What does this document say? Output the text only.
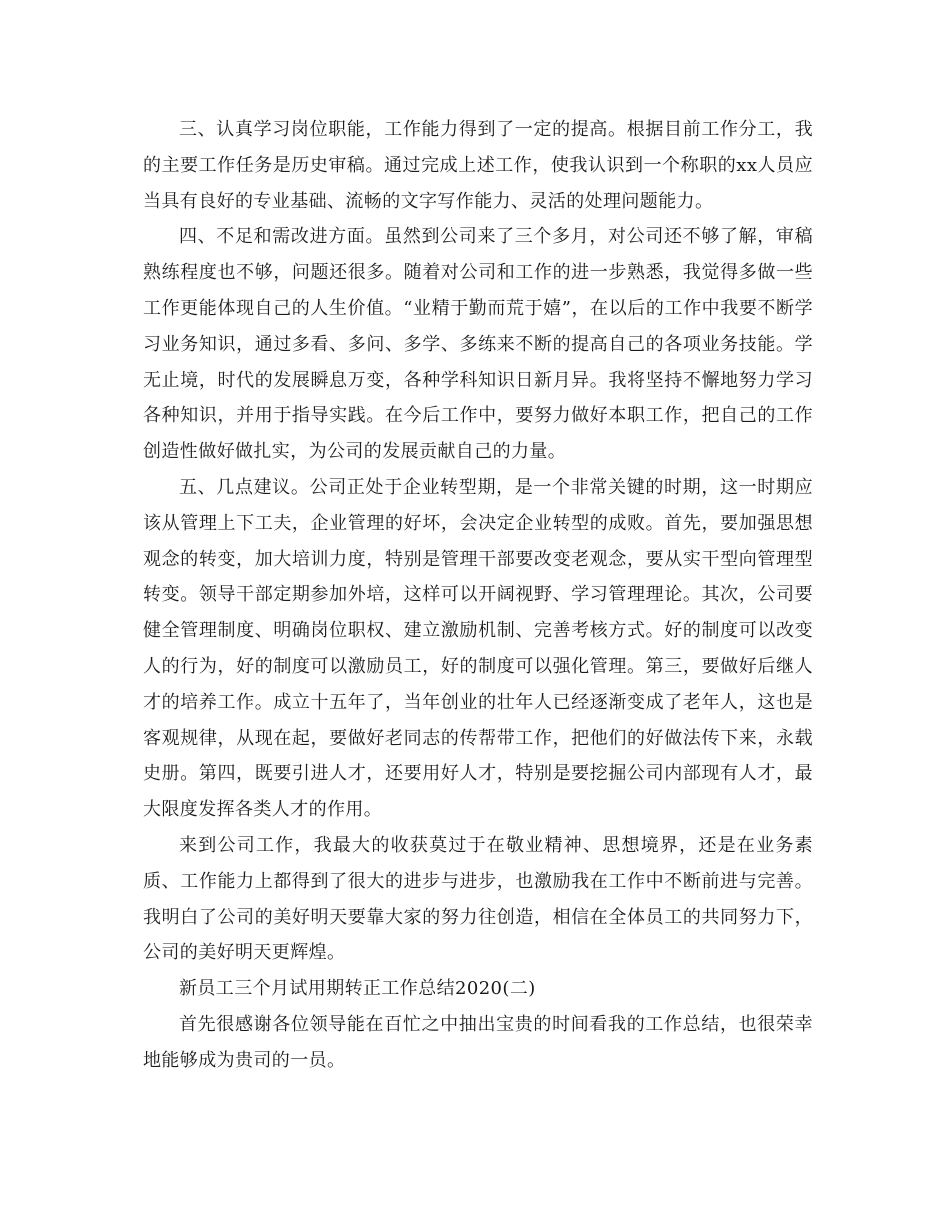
三、认真学习岗位职能，工作能力得到了一定的提高。根据目前工作分工，我的主要工作任务是历史审稿。通过完成上述工作，使我认识到一个称职的xx人员应当具有良好的专业基础、流畅的文字写作能力、灵活的处理问题能力。

四、不足和需改进方面。虽然到公司来了三个多月，对公司还不够了解，审稿熟练程度也不够，问题还很多。随着对公司和工作的进一步熟悉，我觉得多做一些工作更能体现自己的人生价值。“业精于勤而荒于嬉”，在以后的工作中我要不断学习业务知识，通过多看、多问、多学、多练来不断的提高自己的各项业务技能。学无止境，时代的发展瞬息万变，各种学科知识日新月异。我将坚持不懈地努力学习各种知识，并用于指导实践。在今后工作中，要努力做好本职工作，把自己的工作创造性做好做扎实，为公司的发展贡献自己的力量。

五、几点建议。公司正处于企业转型期，是一个非常关键的时期，这一时期应该从管理上下工夫，企业管理的好坏，会决定企业转型的成败。首先，要加强思想观念的转变，加大培训力度，特别是管理干部要改变老观念，要从实干型向管理型转变。领导干部定期参加外培，这样可以开阔视野、学习管理理论。其次，公司要健全管理制度、明确岗位职权、建立激励机制、完善考核方式。好的制度可以改变人的行为，好的制度可以激励员工，好的制度可以强化管理。第三，要做好后继人才的培养工作。成立十五年了，当年创业的壮年人已经逐渐变成了老年人，这也是客观规律，从现在起，要做好老同志的传帮带工作，把他们的好做法传下来，永载史册。第四，既要引进人才，还要用好人才，特别是要挖掘公司内部现有人才，最大限度发挥各类人才的作用。

来到公司工作，我最大的收获莫过于在敬业精神、思想境界，还是在业务素质、工作能力上都得到了很大的进步与进步，也激励我在工作中不断前进与完善。我明白了公司的美好明天要靠大家的努力往创造，相信在全体员工的共同努力下，公司的美好明天更辉煌。

新员工三个月试用期转正工作总结2020(二)

首先很感谢各位领导能在百忙之中抽出宝贵的时间看我的工作总结，也很荣幸地能够成为贵司的一员。
